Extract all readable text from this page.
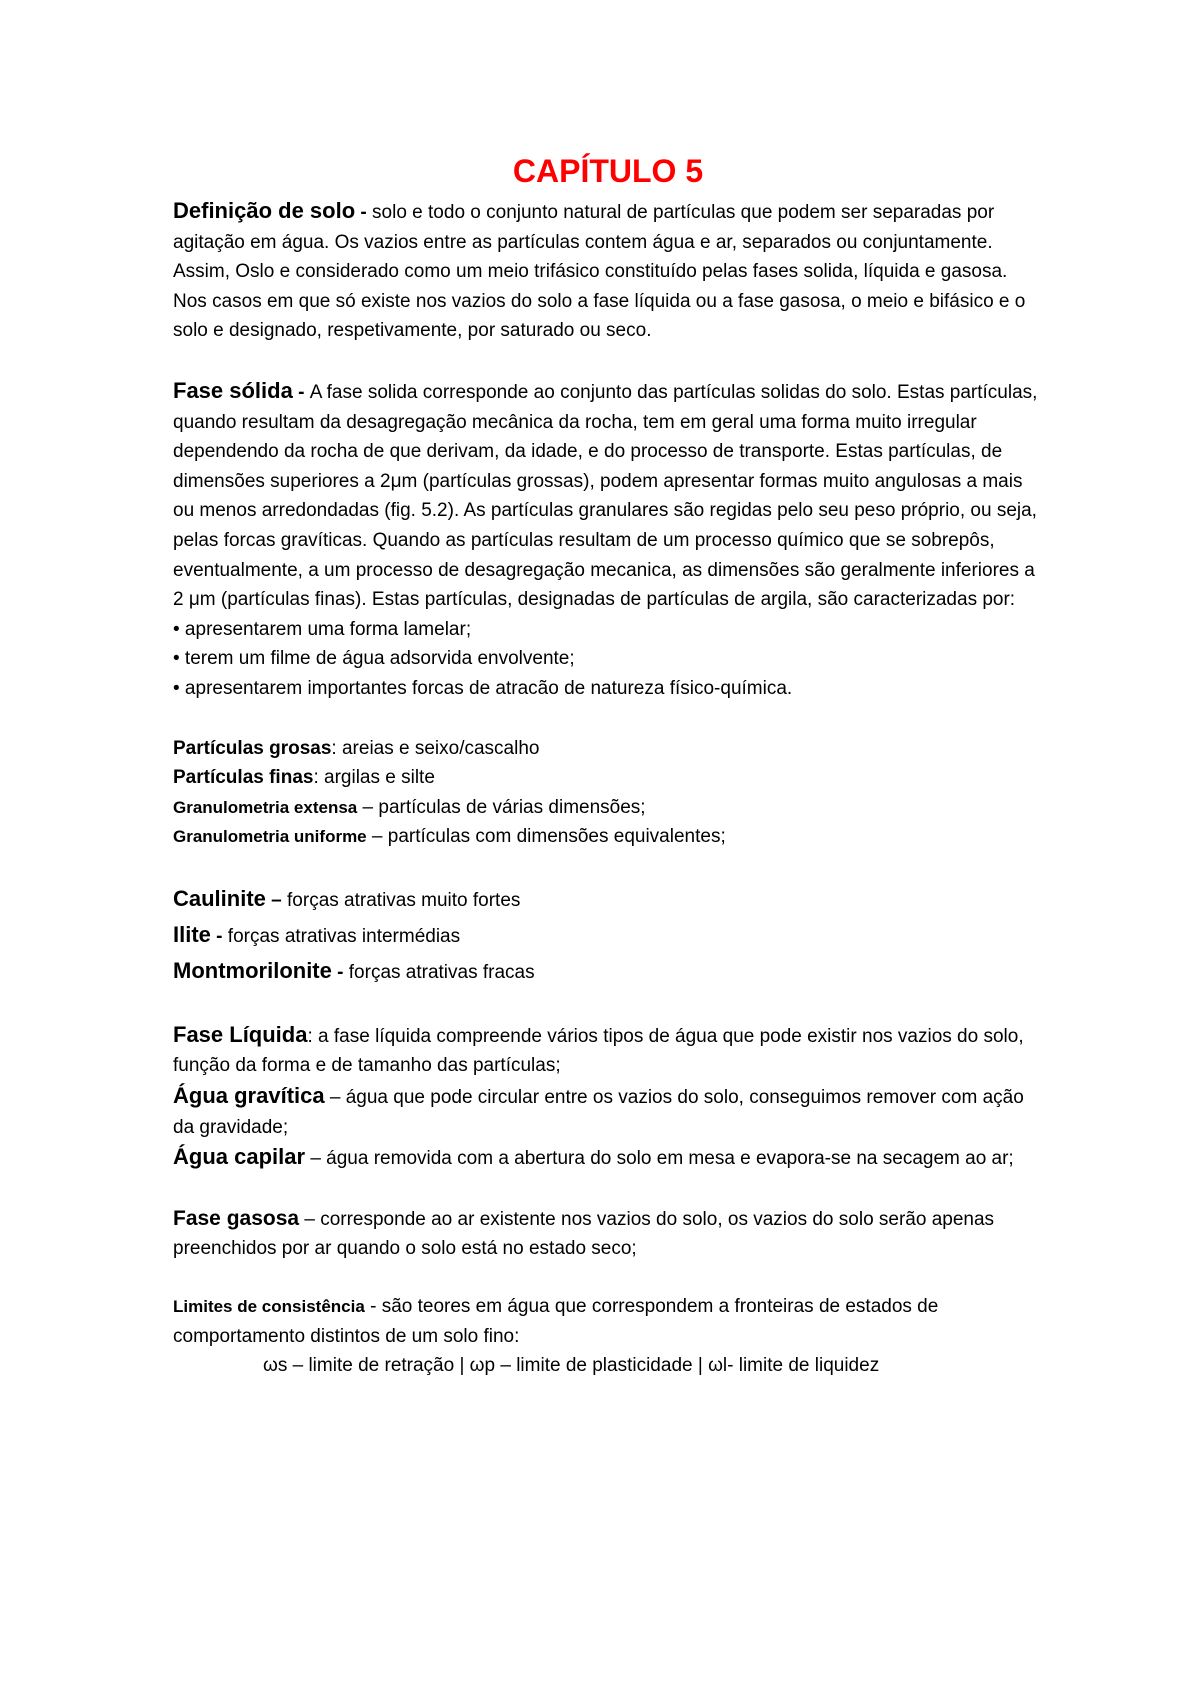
CAPÍTULO 5

Definição de solo - solo e todo o conjunto natural de partículas que podem ser separadas por agitação em água. Os vazios entre as partículas contem água e ar, separados ou conjuntamente. Assim, Oslo e considerado como um meio trifásico constituído pelas fases solida, líquida e gasosa. Nos casos em que só existe nos vazios do solo a fase líquida ou a fase gasosa, o meio e bifásico e o solo e designado, respetivamente, por saturado ou seco.

Fase sólida - A fase solida corresponde ao conjunto das partículas solidas do solo. Estas partículas, quando resultam da desagregação mecânica da rocha, tem em geral uma forma muito irregular dependendo da rocha de que derivam, da idade, e do processo de transporte. Estas partículas, de dimensões superiores a 2μm (partículas grossas), podem apresentar formas muito angulosas a mais ou menos arredondadas (fig. 5.2). As partículas granulares são regidas pelo seu peso próprio, ou seja, pelas forcas gravíticas. Quando as partículas resultam de um processo químico que se sobrepôs, eventualmente, a um processo de desagregação mecanica, as dimensões são geralmente inferiores a 2 μm (partículas finas). Estas partículas, designadas de partículas de argila, são caracterizadas por:

• apresentarem uma forma lamelar;

• terem um filme de água adsorvida envolvente;

• apresentarem importantes forcas de atracão de natureza físico-química.

Partículas grosas: areias e seixo/cascalho

Partículas finas: argilas e silte

Granulometria extensa – partículas de várias dimensões;

Granulometria uniforme – partículas com dimensões equivalentes;

Caulinite – forças atrativas muito fortes

Ilite - forças atrativas intermédias

Montmorilonite - forças atrativas fracas

Fase Líquida: a fase líquida compreende vários tipos de água que pode existir nos vazios do solo, função da forma e de tamanho das partículas;

Água gravítica – água que pode circular entre os vazios do solo, conseguimos remover com ação da gravidade;

Água capilar – água removida com a abertura do solo em mesa e evapora-se na secagem ao ar;

Fase gasosa – corresponde ao ar existente nos vazios do solo, os vazios do solo serão apenas preenchidos por ar quando o solo está no estado seco;

Limites de consistência - são teores em água que correspondem a fronteiras de estados de comportamento distintos de um solo fino:

ωs – limite de retração | ωp – limite de plasticidade | ωl- limite de liquidez
